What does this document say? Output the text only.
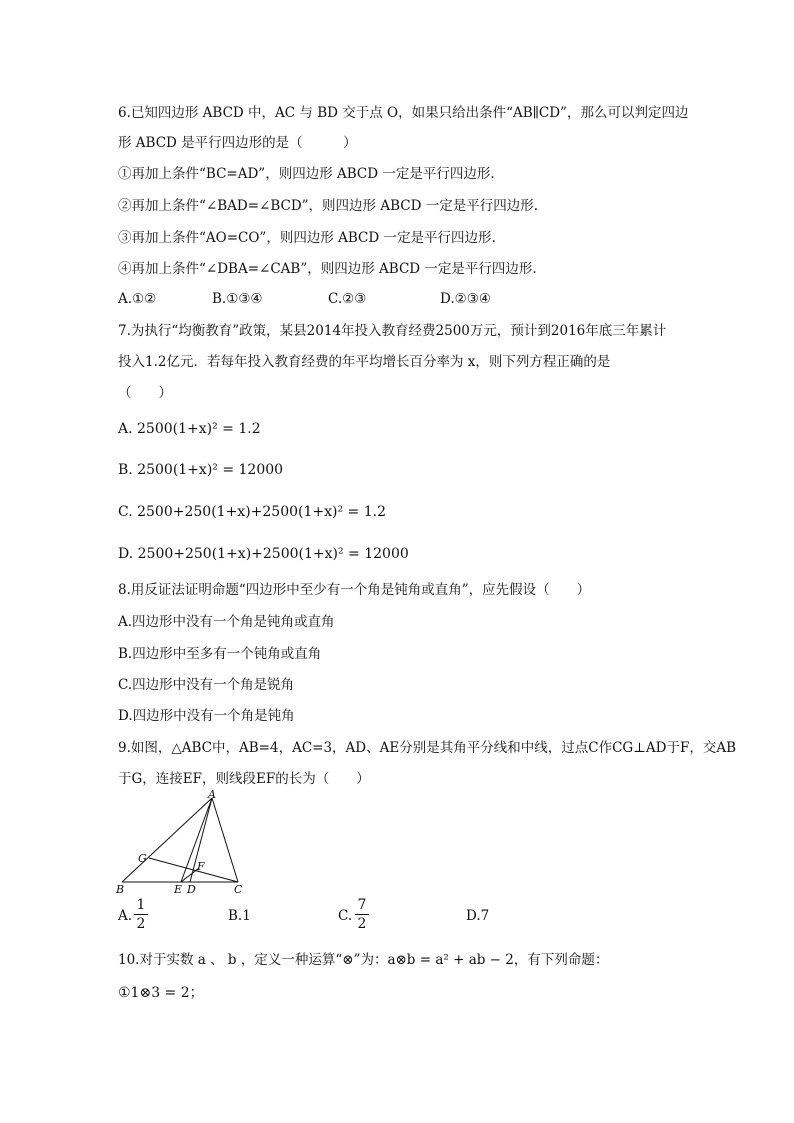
6.已知四边形 ABCD 中，AC 与 BD 交于点 O，如果只给出条件“AB∥CD”，那么可以判定四边
形 ABCD 是平行四边形的是（　　　）
①再加上条件“BC=AD”，则四边形 ABCD 一定是平行四边形.
②再加上条件“∠BAD=∠BCD”，则四边形 ABCD 一定是平行四边形.
③再加上条件“AO=CO”，则四边形 ABCD 一定是平行四边形.
④再加上条件“∠DBA=∠CAB”，则四边形 ABCD 一定是平行四边形.
A.①②	B.①③④	C.②③	D.②③④
7.为执行“均衡教育”政策，某县2014年投入教育经费2500万元，预计到2016年底三年累计
投入1.2亿元．若每年投入教育经费的年平均增长百分率为 x，则下列方程正确的是
（　　）
A. 2500(1+x)² = 1.2
B. 2500(1+x)² = 12000
C. 2500+250(1+x)+2500(1+x)² = 1.2
D. 2500+250(1+x)+2500(1+x)² = 12000
8.用反证法证明命题“四边形中至少有一个角是钝角或直角”，应先假设（　　）
A.四边形中没有一个角是钝角或直角
B.四边形中至多有一个钝角或直角
C.四边形中没有一个角是锐角
D.四边形中没有一个角是钝角
9.如图，△ABC中，AB=4，AC=3，AD、AE分别是其角平分线和中线，过点C作CG⊥AD于F，交AB
于G，连接EF，则线段EF的长为（　　）
A
G
F
B	E D	C
A.
1
2	B.1	C.
7
2	D.7
10.对于实数 a 、 b ，定义一种运算“⊗”为：a⊗b = a² + ab − 2，有下列命题：
①1⊗3 = 2；
